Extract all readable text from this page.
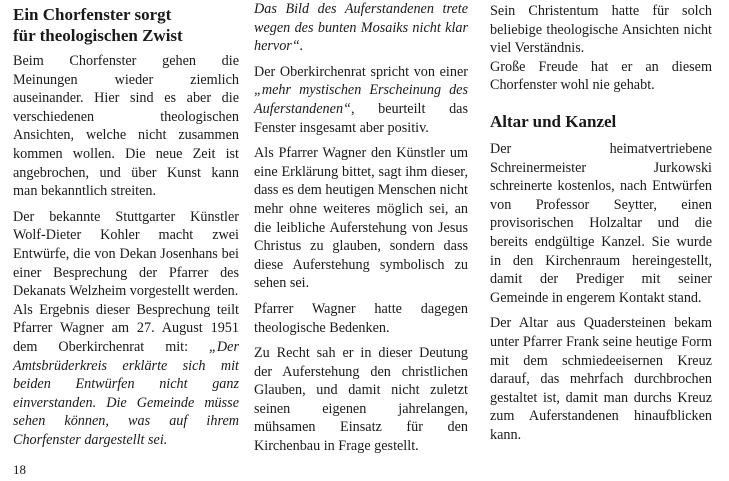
Ein Chorfenster sorgt
für theologischen Zwist

Beim Chorfenster gehen die Meinungen wieder ziemlich auseinander. Hier sind es aber die verschiedenen theologischen Ansichten, welche nicht zusammen kommen wollen. Die neue Zeit ist angebrochen, und über Kunst kann man bekanntlich streiten.

Der bekannte Stuttgarter Künstler Wolf-Dieter Kohler macht zwei Entwürfe, die von Dekan Josenhans bei einer Besprechung der Pfarrer des Dekanats Welzheim vorgestellt werden.

Als Ergebnis dieser Besprechung teilt Pfarrer Wagner am 27. August 1951 dem Oberkirchenrat mit: „Der Amtsbrüderkreis erklärte sich mit beiden Entwürfen nicht ganz einverstanden. Die Gemeinde müsse sehen können, was auf ihrem Chorfenster dargestellt sei.

Das Bild des Auferstandenen trete wegen des bunten Mosaiks nicht klar hervor“.

Der Oberkirchenrat spricht von einer „mehr mystischen Erscheinung des Auferstandenen“, beurteilt das Fenster insgesamt aber positiv.

Als Pfarrer Wagner den Künstler um eine Erklärung bittet, sagt ihm dieser, dass es dem heutigen Menschen nicht mehr ohne weiteres möglich sei, an die leibliche Auferstehung von Jesus Christus zu glauben, sondern dass diese Auferstehung symbolisch zu sehen sei.

Pfarrer Wagner hatte dagegen theologische Bedenken.

Zu Recht sah er in dieser Deutung der Auferstehung den christlichen Glauben, und damit nicht zuletzt seinen eigenen jahrelangen, mühsamen Einsatz für den Kirchenbau in Frage gestellt.

Sein Christentum hatte für solch beliebige theologische Ansichten nicht viel Verständnis.

Große Freude hat er an diesem Chorfenster wohl nie gehabt.

Altar und Kanzel

Der heimatvertriebene Schreinermeister Jurkowski schreinerte kostenlos, nach Entwürfen von Professor Seytter, einen provisorischen Holzaltar und die bereits endgültige Kanzel. Sie wurde in den Kirchenraum hereingestellt, damit der Prediger mit seiner Gemeinde in engerem Kontakt stand.

Der Altar aus Quadersteinen bekam unter Pfarrer Frank seine heutige Form mit dem schmiedeeisernen Kreuz darauf, das mehrfach durchbrochen gestaltet ist, damit man durchs Kreuz zum Auferstandenen hinaufblicken kann.

18
